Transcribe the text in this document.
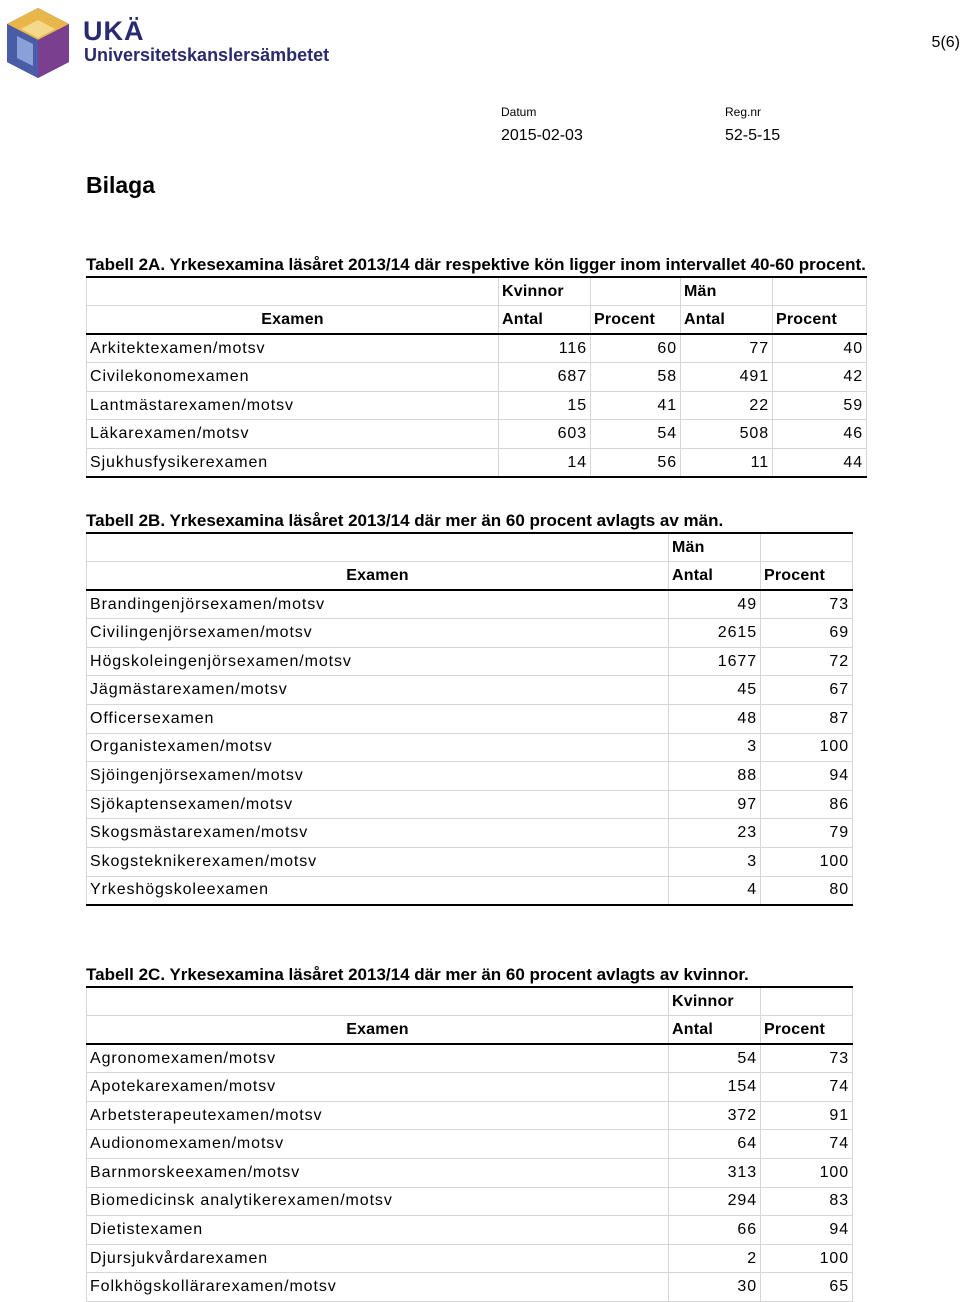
UKÄ
Universitetskanslersämbetet
5(6)
Datum
2015-02-03
Reg.nr
52-5-15
Bilaga
Tabell 2A. Yrkesexamina läsåret 2013/14 där respektive kön ligger inom intervallet 40-60 procent.
	Kvinnor		Män	
Examen	Antal	Procent	Antal	Procent
Arkitektexamen/motsv	116	60	77	40
Civilekonomexamen	687	58	491	42
Lantmästarexamen/motsv	15	41	22	59
Läkarexamen/motsv	603	54	508	46
Sjukhusfysikerexamen	14	56	11	44
Tabell 2B. Yrkesexamina läsåret 2013/14 där mer än 60 procent avlagts av män.
	Män	
Examen	Antal	Procent
Brandingenjörsexamen/motsv	49	73
Civilingenjörsexamen/motsv	2615	69
Högskoleingenjörsexamen/motsv	1677	72
Jägmästarexamen/motsv	45	67
Officersexamen	48	87
Organistexamen/motsv	3	100
Sjöingenjörsexamen/motsv	88	94
Sjökaptensexamen/motsv	97	86
Skogsmästarexamen/motsv	23	79
Skogsteknikerexamen/motsv	3	100
Yrkeshögskoleexamen	4	80
Tabell 2C. Yrkesexamina läsåret 2013/14 där mer än 60 procent avlagts av kvinnor.
	Kvinnor	
Examen	Antal	Procent
Agronomexamen/motsv	54	73
Apotekarexamen/motsv	154	74
Arbetsterapeutexamen/motsv	372	91
Audionomexamen/motsv	64	74
Barnmorskeexamen/motsv	313	100
Biomedicinsk analytikerexamen/motsv	294	83
Dietistexamen	66	94
Djursjukvårdarexamen	2	100
Folkhögskollärarexamen/motsv	30	65
